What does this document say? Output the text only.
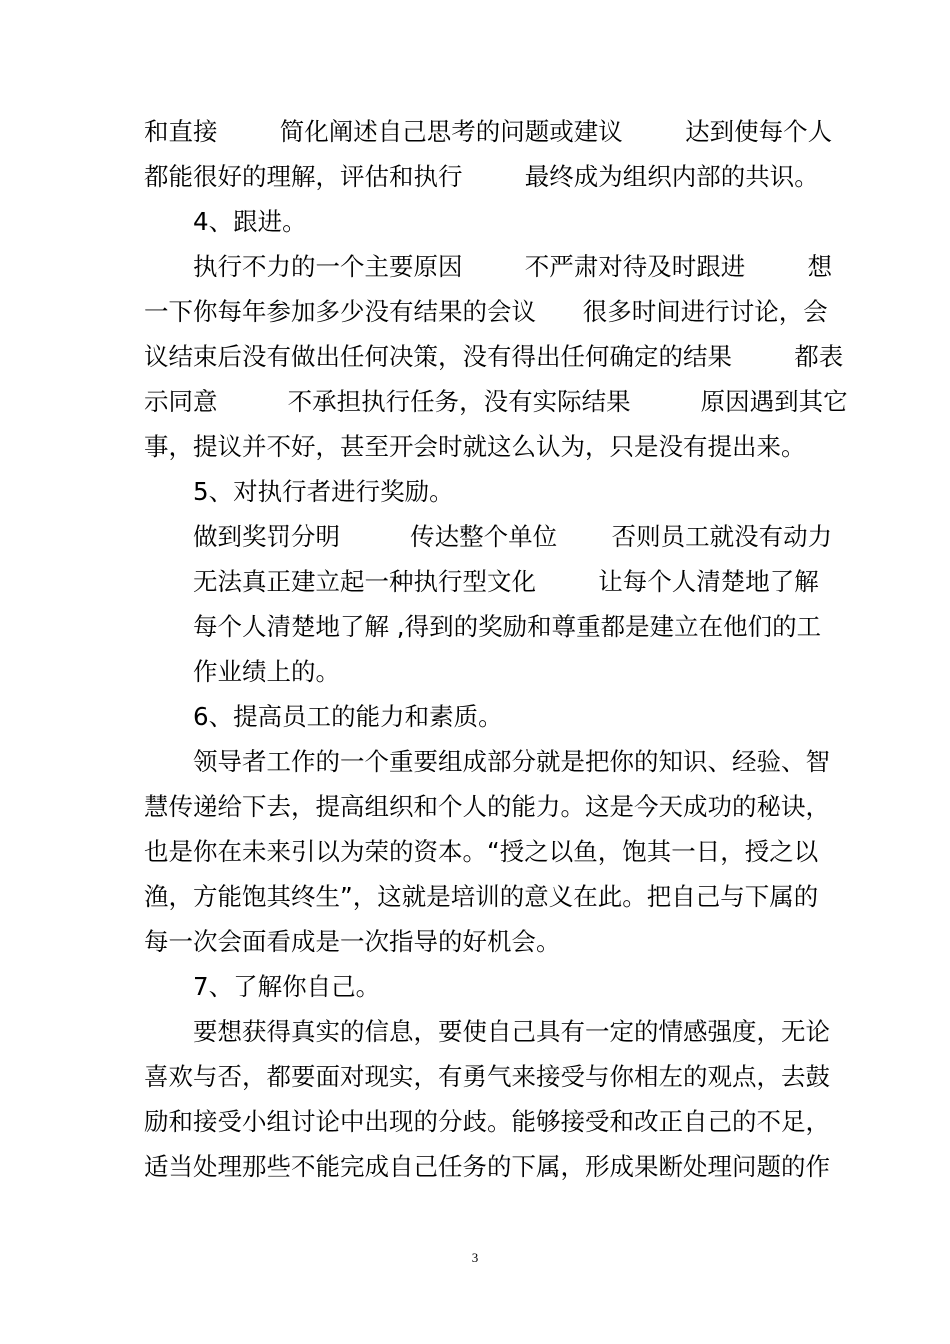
和直接        简化阐述自己思考的问题或建议        达到使每个人
都能很好的理解，评估和执行        最终成为组织内部的共识。
4、跟进。
执行不力的一个主要原因        不严肃对待及时跟进        想
一下你每年参加多少没有结果的会议      很多时间进行讨论，会
议结束后没有做出任何决策，没有得出任何确定的结果        都表
示同意         不承担执行任务，没有实际结果         原因遇到其它
事，提议并不好，甚至开会时就这么认为，只是没有提出来。
5、对执行者进行奖励。
做到奖罚分明         传达整个单位       否则员工就没有动力
无法真正建立起一种执行型文化        让每个人清楚地了解
每个人清楚地了解 ,得到的奖励和尊重都是建立在他们的工
作业绩上的。
6、提高员工的能力和素质。
领导者工作的一个重要组成部分就是把你的知识、经验、智
慧传递给下去，提高组织和个人的能力。这是今天成功的秘诀，
也是你在未来引以为荣的资本。“授之以鱼，饱其一日，授之以
渔，方能饱其终生”，这就是培训的意义在此。把自己与下属的
每一次会面看成是一次指导的好机会。
7、了解你自己。
要想获得真实的信息，要使自己具有一定的情感强度，无论
喜欢与否，都要面对现实，有勇气来接受与你相左的观点，去鼓
励和接受小组讨论中出现的分歧。能够接受和改正自己的不足，
适当处理那些不能完成自己任务的下属，形成果断处理问题的作
3
